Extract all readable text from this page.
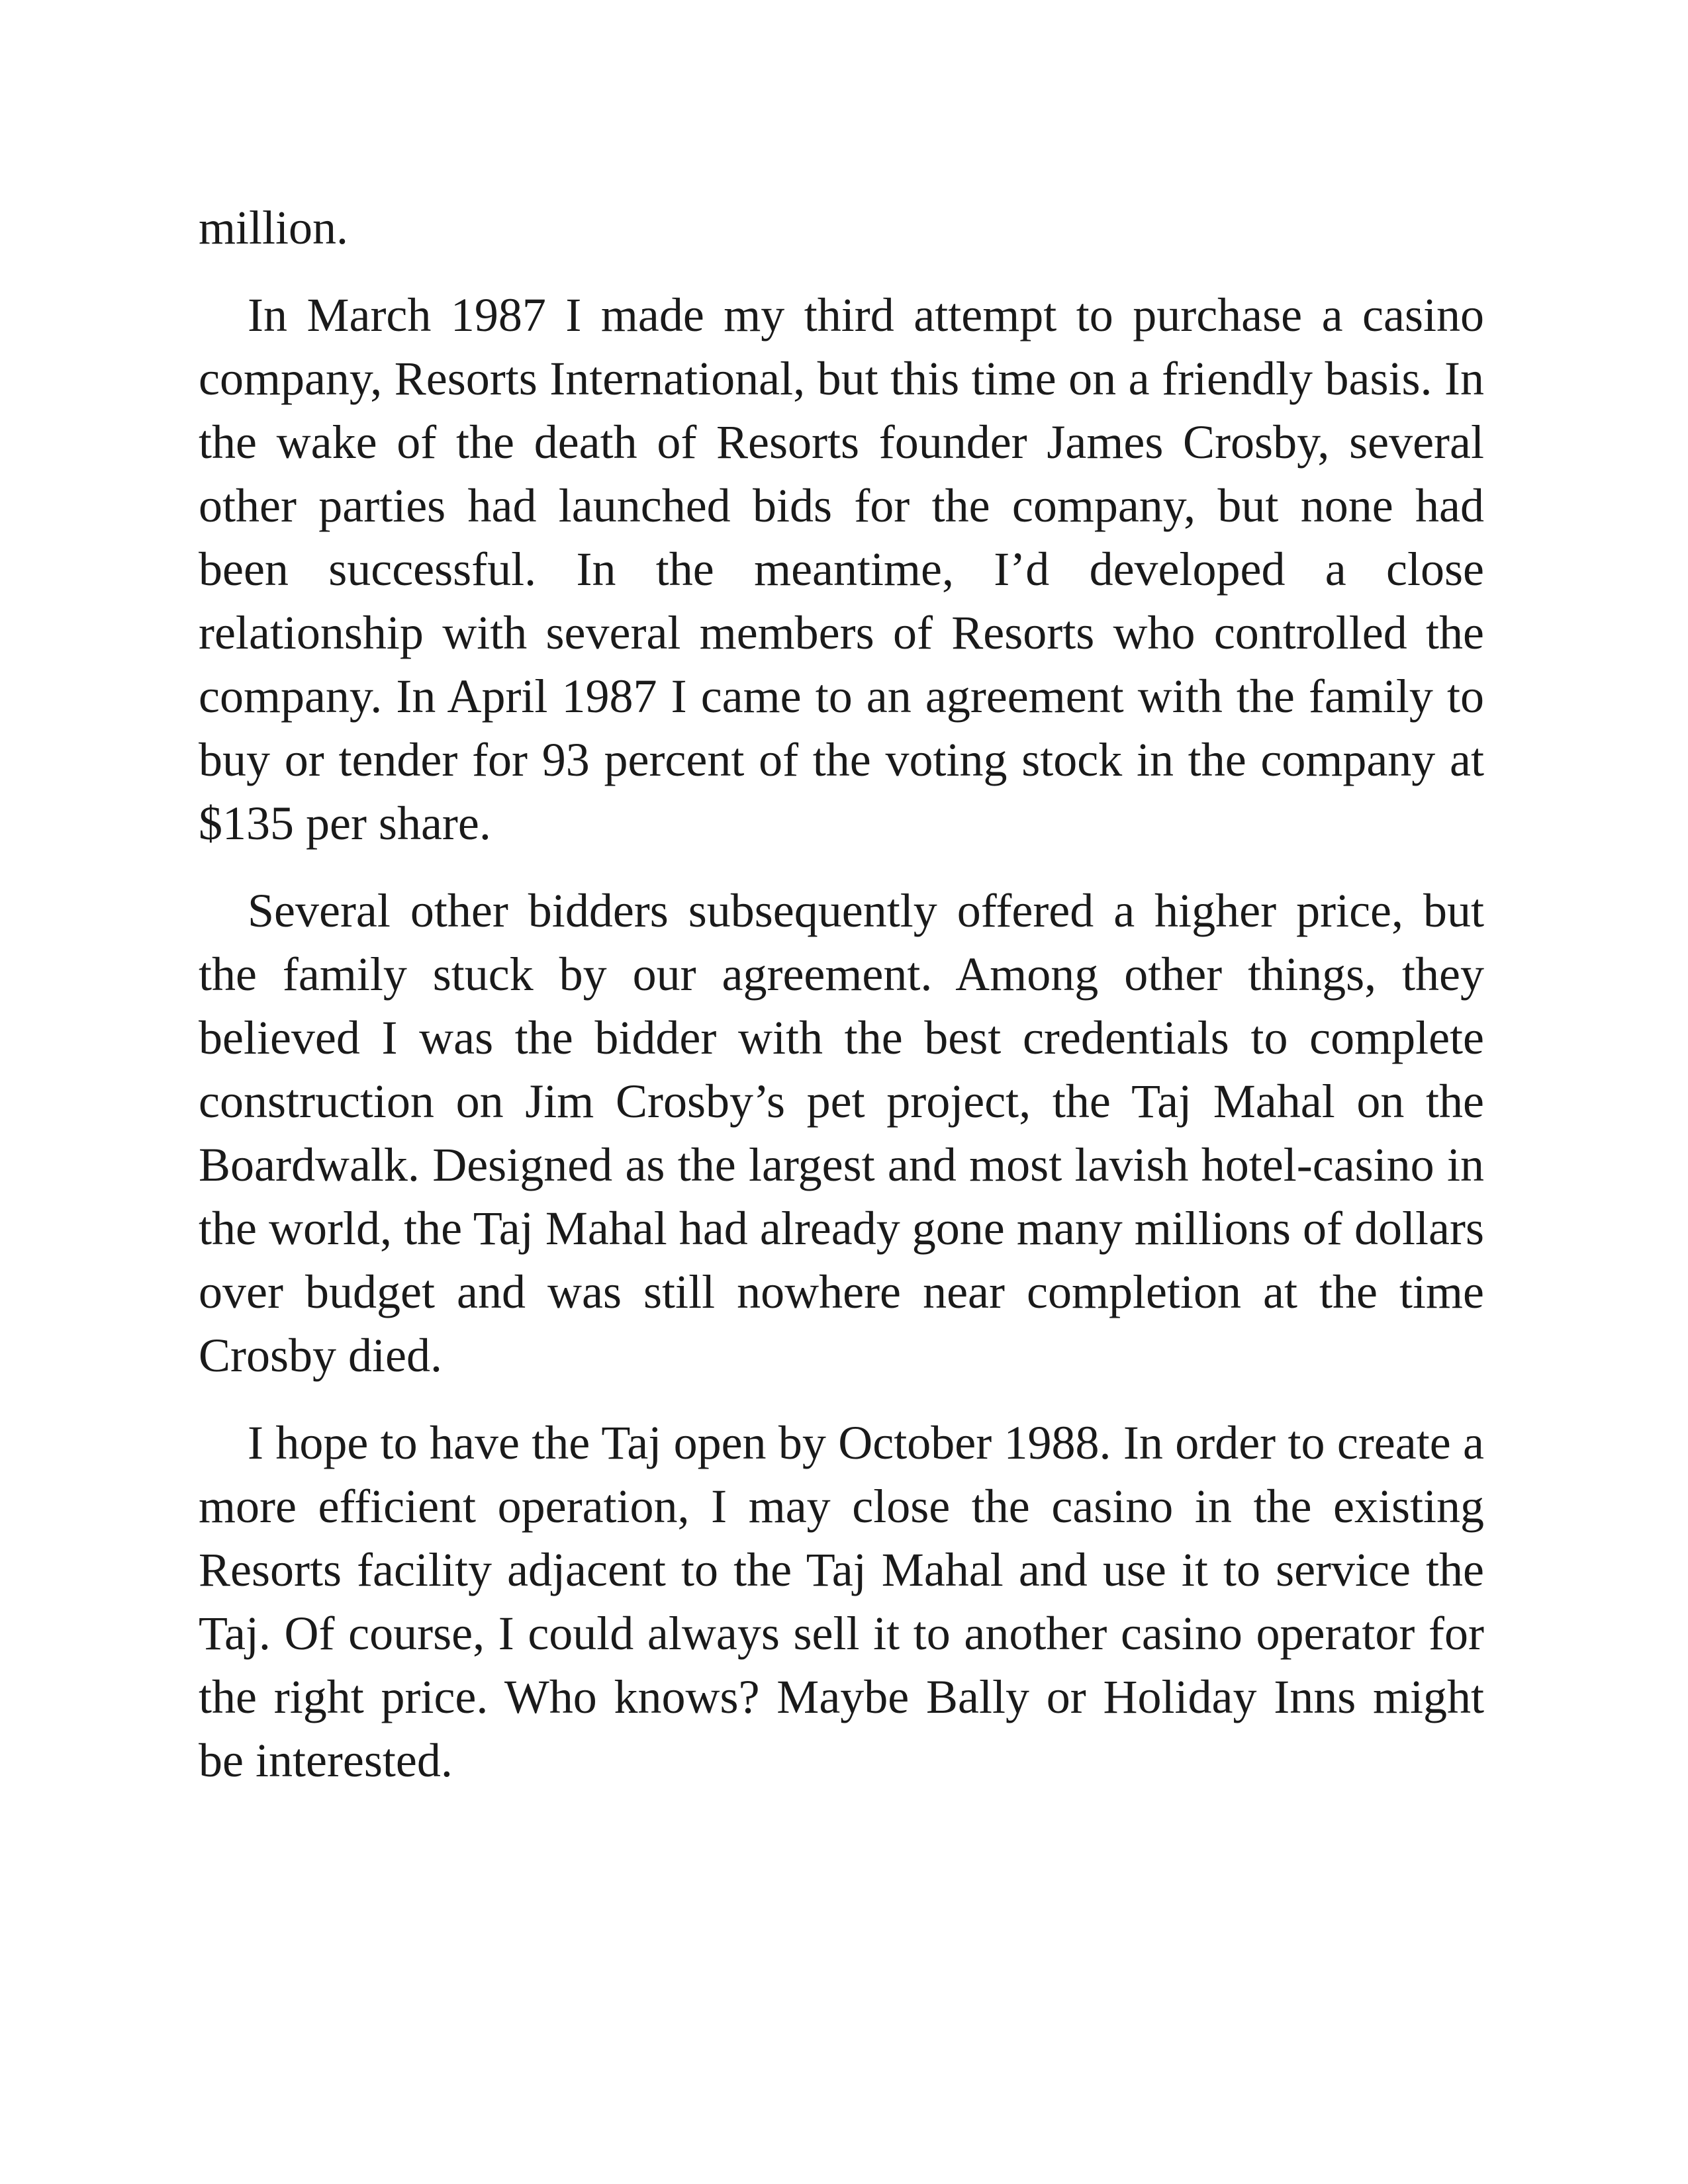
million.

In March 1987 I made my third attempt to purchase a casino company, Resorts International, but this time on a friendly basis. In the wake of the death of Resorts founder James Crosby, several other parties had launched bids for the company, but none had been successful. In the meantime, I’d developed a close relationship with several members of Resorts who controlled the company. In April 1987 I came to an agreement with the family to buy or tender for 93 percent of the voting stock in the company at $135 per share.

Several other bidders subsequently offered a higher price, but the family stuck by our agreement. Among other things, they believed I was the bidder with the best credentials to complete construction on Jim Crosby’s pet project, the Taj Mahal on the Boardwalk. Designed as the largest and most lavish hotel-casino in the world, the Taj Mahal had already gone many millions of dollars over budget and was still nowhere near completion at the time Crosby died.

I hope to have the Taj open by October 1988. In order to create a more efficient operation, I may close the casino in the existing Resorts facility adjacent to the Taj Mahal and use it to service the Taj. Of course, I could always sell it to another casino operator for the right price. Who knows? Maybe Bally or Holiday Inns might be interested.
